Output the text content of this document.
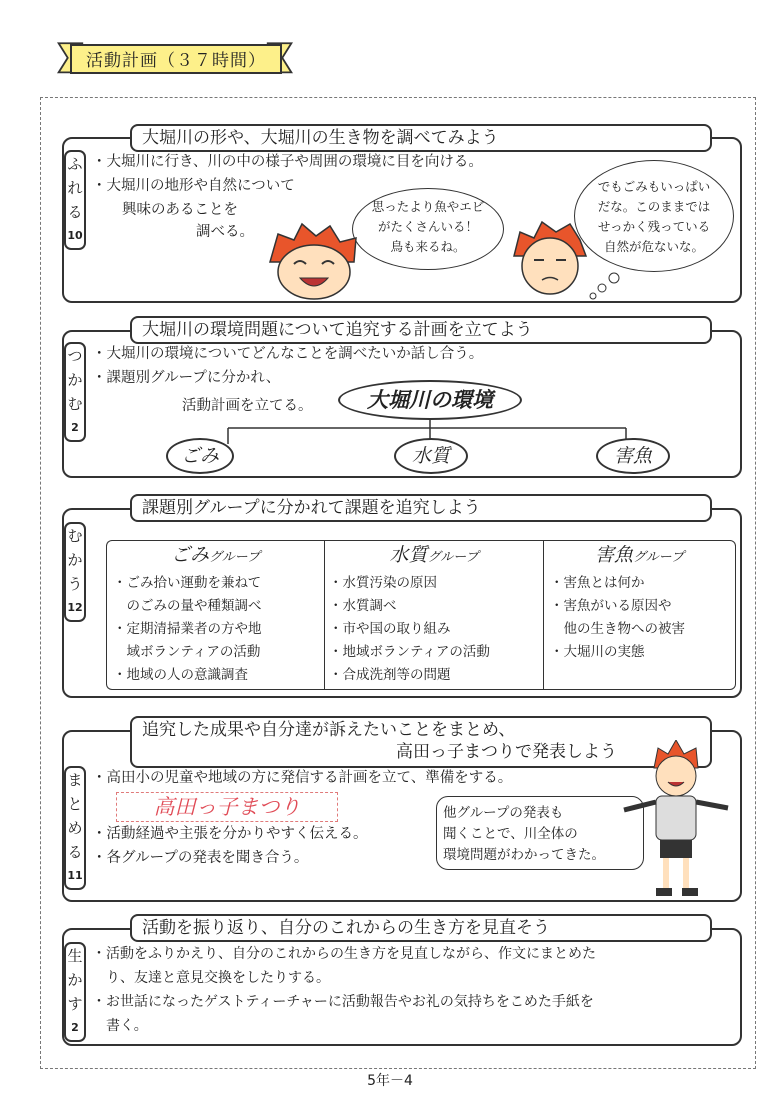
活動計画（３７時間）
大堀川の形や、大堀川の生き物を調べてみよう
ふ
れ
る
10
・大堀川に行き、川の中の様子や周囲の環境に目を向ける。
・大堀川の地形や自然について
興味のあることを
調べる。
思ったより魚やエビ
がたくさんいる！
鳥も来るね。
でもごみもいっぱい
だな。このままでは
せっかく残っている
自然が危ないな。
大堀川の環境問題について追究する計画を立てよう
つ
か
む
2
・大堀川の環境についてどんなことを調べたいか話し合う。
・課題別グループに分かれ、
活動計画を立てる。	大堀川の環境
ごみ	水質	害魚
課題別グループに分かれて課題を追究しよう
む
か
う
12
ごみグループ
・ごみ拾い運動を兼ねて
　のごみの量や種類調べ
・定期清掃業者の方や地
　域ボランティアの活動
・地域の人の意識調査
水質グループ
・水質汚染の原因
・水質調べ
・市や国の取り組み
・地域ボランティアの活動
・合成洗剤等の問題
害魚グループ
・害魚とは何か
・害魚がいる原因や
　他の生き物への被害
・大堀川の実態
追究した成果や自分達が訴えたいことをまとめ、
高田っ子まつりで発表しよう
ま
と
め
る
11
・高田小の児童や地域の方に発信する計画を立て、準備をする。
高田っ子まつり
・活動経過や主張を分かりやすく伝える。
・各グループの発表を聞き合う。
他グループの発表も
聞くことで、川全体の
環境問題がわかってきた。
活動を振り返り、自分のこれからの生き方を見直そう
生
か
す
2
・活動をふりかえり、自分のこれからの生き方を見直しながら、作文にまとめた
　り、友達と意見交換をしたりする。
・お世話になったゲストティーチャーに活動報告やお礼の気持ちをこめた手紙を
　書く。
5年－4
